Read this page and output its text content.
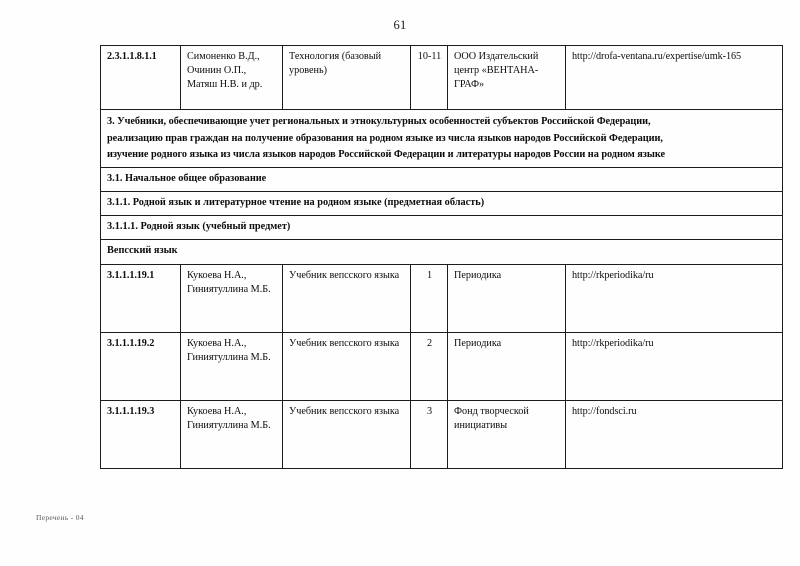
61
2.3.1.1.8.1.1	Симоненко В.Д., Очинин О.П., Матяш Н.В. и др.	Технология (базовый уровень)	10-11	ООО Издательский центр «ВЕНТАНА-ГРАФ»	http://drofa-ventana.ru/expertise/umk-165

3. Учебники, обеспечивающие учет региональных и этнокультурных особенностей субъектов Российской Федерации,

реализацию прав граждан на получение образования на родном языке из числа языков народов Российской Федерации,

изучение родного языка из числа языков народов Российской Федерации и литературы народов России на родном языке					

3.1. Начальное общее образование					
3.1.1. Родной язык и литературное чтение на родном языке (предметная область)					
3.1.1.1. Родной язык (учебный предмет)					
Вепсский язык					
3.1.1.1.19.1	Кукоева Н.А., Гиниятуллина М.Б.	Учебник вепсского языка	1	Периодика	http://rkperiodika/ru
3.1.1.1.19.2	Кукоева Н.А., Гиниятуллина М.Б.	Учебник вепсского языка	2	Периодика	http://rkperiodika/ru
3.1.1.1.19.3	Кукоева Н.А., Гиниятуллина М.Б.	Учебник вепсского языка	3	Фонд творческой инициативы	http://fondsci.ru
Перечень - 04
